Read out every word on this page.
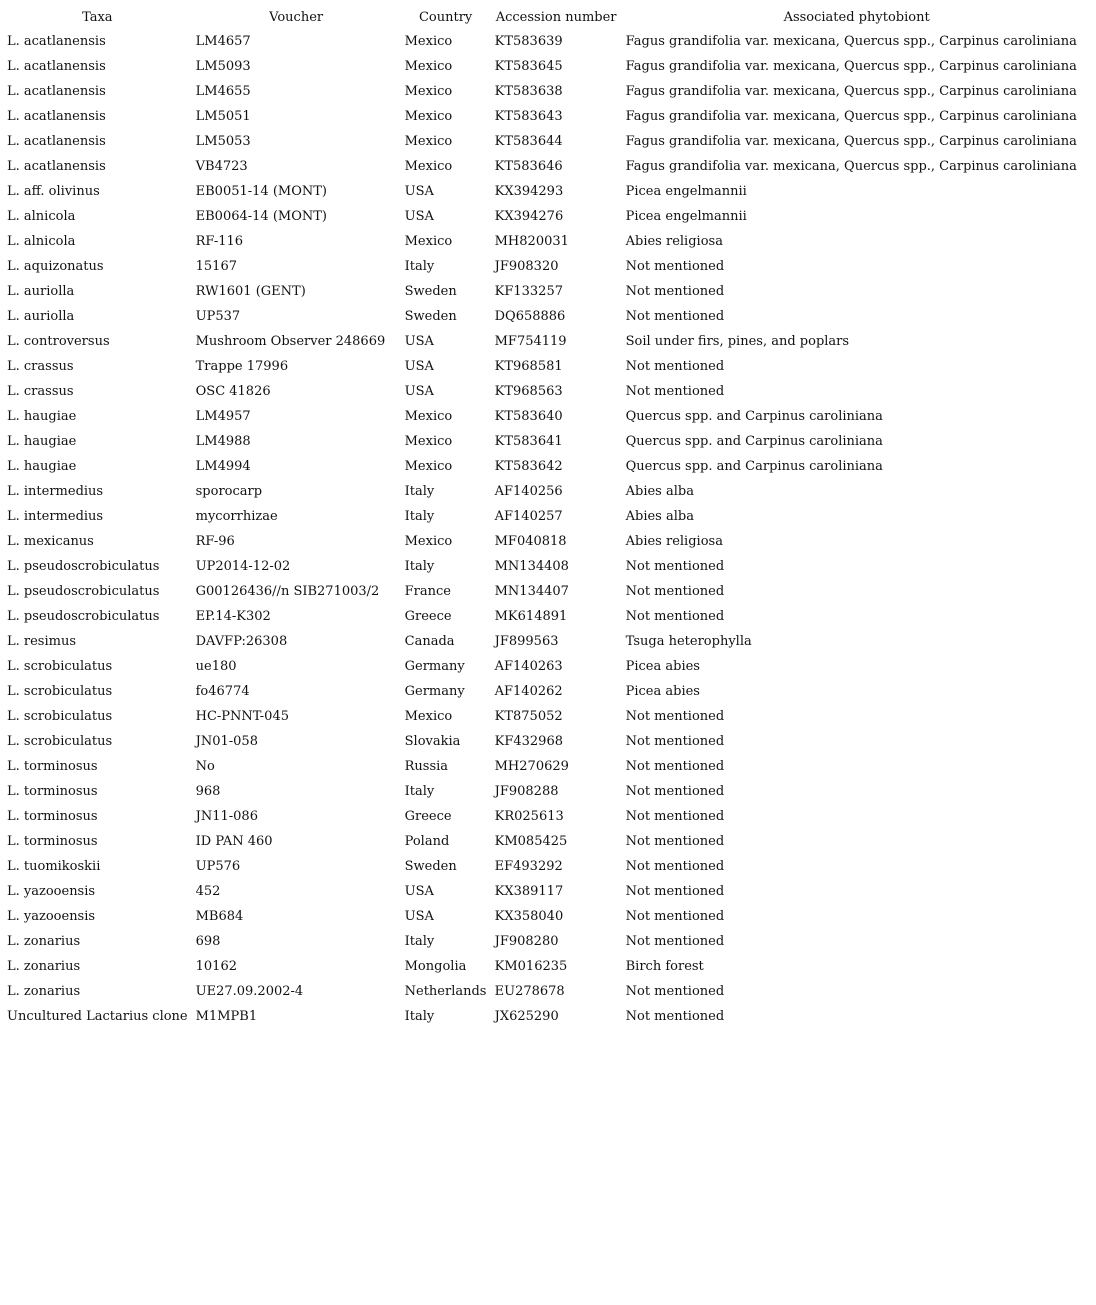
Taxa	Voucher	Country	Accession number	Associated phytobiont
L. acatlanensis	LM4657	Mexico	KT583639	Fagus grandifolia var. mexicana, Quercus spp., Carpinus caroliniana
L. acatlanensis	LM5093	Mexico	KT583645	Fagus grandifolia var. mexicana, Quercus spp., Carpinus caroliniana
L. acatlanensis	LM4655	Mexico	KT583638	Fagus grandifolia var. mexicana, Quercus spp., Carpinus caroliniana
L. acatlanensis	LM5051	Mexico	KT583643	Fagus grandifolia var. mexicana, Quercus spp., Carpinus caroliniana
L. acatlanensis	LM5053	Mexico	KT583644	Fagus grandifolia var. mexicana, Quercus spp., Carpinus caroliniana
L. acatlanensis	VB4723	Mexico	KT583646	Fagus grandifolia var. mexicana, Quercus spp., Carpinus caroliniana
L. aff. olivinus	EB0051-14 (MONT)	USA	KX394293	Picea engelmannii
L. alnicola	EB0064-14 (MONT)	USA	KX394276	Picea engelmannii
L. alnicola	RF-116	Mexico	MH820031	Abies religiosa
L. aquizonatus	15167	Italy	JF908320	Not mentioned
L. auriolla	RW1601 (GENT)	Sweden	KF133257	Not mentioned
L. auriolla	UP537	Sweden	DQ658886	Not mentioned
L. controversus	Mushroom Observer 248669	USA	MF754119	Soil under firs, pines, and poplars
L. crassus	Trappe 17996	USA	KT968581	Not mentioned
L. crassus	OSC 41826	USA	KT968563	Not mentioned
L. haugiae	LM4957	Mexico	KT583640	Quercus spp. and Carpinus caroliniana
L. haugiae	LM4988	Mexico	KT583641	Quercus spp. and Carpinus caroliniana
L. haugiae	LM4994	Mexico	KT583642	Quercus spp. and Carpinus caroliniana
L. intermedius	sporocarp	Italy	AF140256	Abies alba
L. intermedius	mycorrhizae	Italy	AF140257	Abies alba
L. mexicanus	RF-96	Mexico	MF040818	Abies religiosa
L. pseudoscrobiculatus	UP2014-12-02	Italy	MN134408	Not mentioned
L. pseudoscrobiculatus	G00126436//n SIB271003/2	France	MN134407	Not mentioned
L. pseudoscrobiculatus	EP.14-K302	Greece	MK614891	Not mentioned
L. resimus	DAVFP:26308	Canada	JF899563	Tsuga heterophylla
L. scrobiculatus	ue180	Germany	AF140263	Picea abies
L. scrobiculatus	fo46774	Germany	AF140262	Picea abies
L. scrobiculatus	HC-PNNT-045	Mexico	KT875052	Not mentioned
L. scrobiculatus	JN01-058	Slovakia	KF432968	Not mentioned
L. torminosus	No	Russia	MH270629	Not mentioned
L. torminosus	968	Italy	JF908288	Not mentioned
L. torminosus	JN11-086	Greece	KR025613	Not mentioned
L. torminosus	ID PAN 460	Poland	KM085425	Not mentioned
L. tuomikoskii	UP576	Sweden	EF493292	Not mentioned
L. yazooensis	452	USA	KX389117	Not mentioned
L. yazooensis	MB684	USA	KX358040	Not mentioned
L. zonarius	698	Italy	JF908280	Not mentioned
L. zonarius	10162	Mongolia	KM016235	Birch forest
L. zonarius	UE27.09.2002-4	Netherlands	EU278678	Not mentioned
Uncultured Lactarius clone	M1MPB1	Italy	JX625290	Not mentioned
